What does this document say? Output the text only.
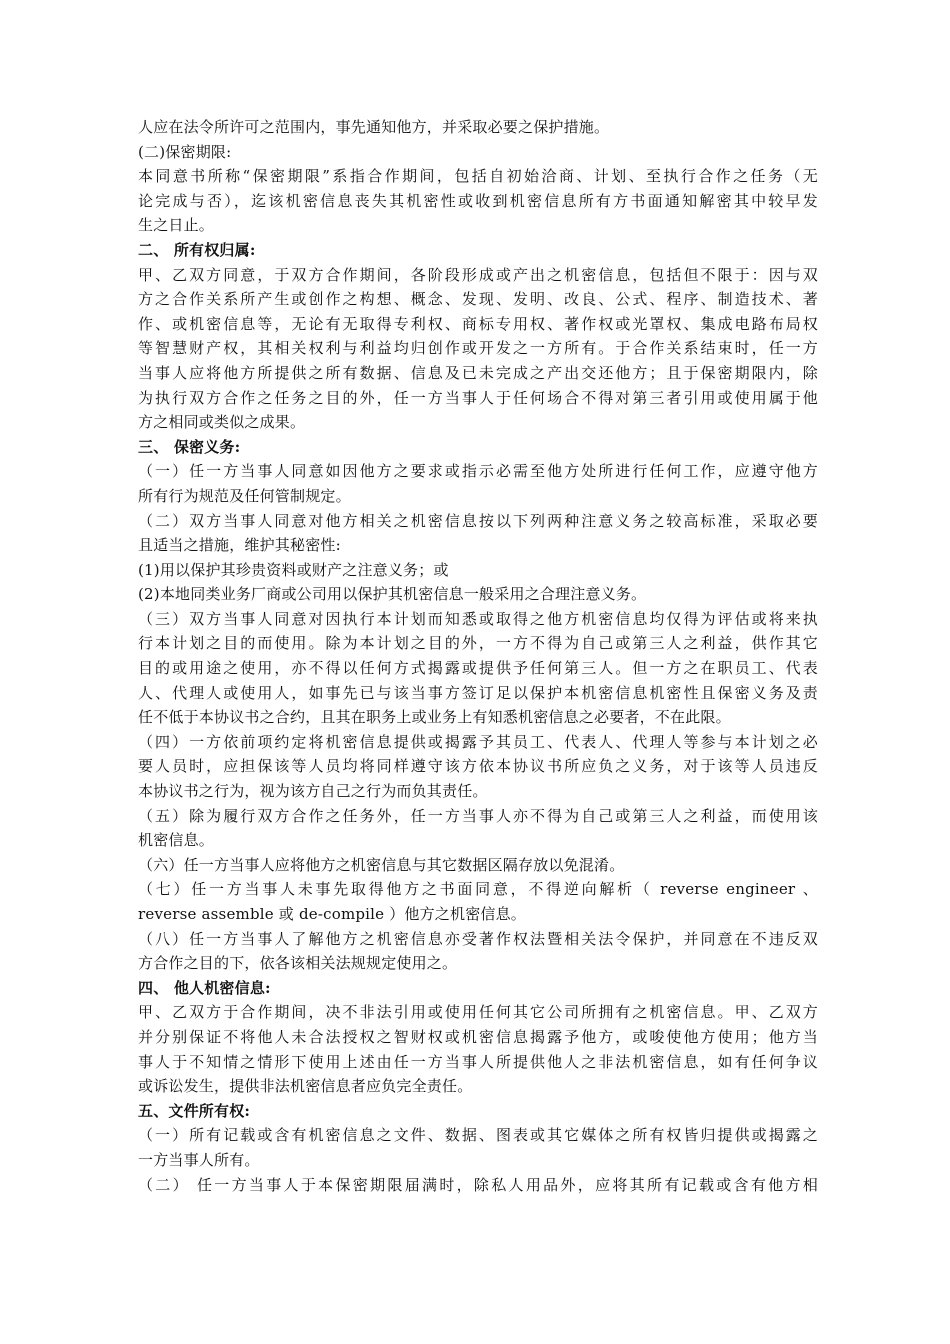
人应在法令所许可之范围内，事先通知他方，并采取必要之保护措施。
(二)保密期限:
本同意书所称“保密期限”系指合作期间，包括自初始洽商、计划、至执行合作之任务（无
论完成与否），迄该机密信息丧失其机密性或收到机密信息所有方书面通知解密其中较早发
生之日止。
二、 所有权归属:
甲、乙双方同意，于双方合作期间，各阶段形成或产出之机密信息，包括但不限于：因与双
方之合作关系所产生或创作之构想、概念、发现、发明、改良、公式、程序、制造技术、著
作、或机密信息等，无论有无取得专利权、商标专用权、著作权或光罩权、集成电路布局权
等智慧财产权，其相关权利与利益均归创作或开发之一方所有。于合作关系结束时，任一方
当事人应将他方所提供之所有数据、信息及已未完成之产出交还他方；且于保密期限内，除
为执行双方合作之任务之目的外，任一方当事人于任何场合不得对第三者引用或使用属于他
方之相同或类似之成果。
三、 保密义务:
（一）任一方当事人同意如因他方之要求或指示必需至他方处所进行任何工作，应遵守他方
所有行为规范及任何管制规定。
（二）双方当事人同意对他方相关之机密信息按以下列两种注意义务之较高标准，采取必要
且适当之措施，维护其秘密性:
(1)用以保护其珍贵资料或财产之注意义务；或
(2)本地同类业务厂商或公司用以保护其机密信息一般采用之合理注意义务。
（三）双方当事人同意对因执行本计划而知悉或取得之他方机密信息均仅得为评估或将来执
行本计划之目的而使用。除为本计划之目的外，一方不得为自己或第三人之利益，供作其它
目的或用途之使用，亦不得以任何方式揭露或提供予任何第三人。但一方之在职员工、代表
人、代理人或使用人，如事先已与该当事方签订足以保护本机密信息机密性且保密义务及责
任不低于本协议书之合约，且其在职务上或业务上有知悉机密信息之必要者，不在此限。
（四）一方依前项约定将机密信息提供或揭露予其员工、代表人、代理人等参与本计划之必
要人员时，应担保该等人员均将同样遵守该方依本协议书所应负之义务，对于该等人员违反
本协议书之行为，视为该方自己之行为而负其责任。
（五）除为履行双方合作之任务外，任一方当事人亦不得为自己或第三人之利益，而使用该
机密信息。
（六）任一方当事人应将他方之机密信息与其它数据区隔存放以免混淆。
（七）任一方当事人未事先取得他方之书面同意，不得逆向解析（ reverse engineer 、
reverse assemble 或 de-compile ）他方之机密信息。
（八）任一方当事人了解他方之机密信息亦受著作权法暨相关法令保护，并同意在不违反双
方合作之目的下，依各该相关法规规定使用之。
四、 他人机密信息:
甲、乙双方于合作期间，决不非法引用或使用任何其它公司所拥有之机密信息。甲、乙双方
并分别保证不将他人未合法授权之智财权或机密信息揭露予他方，或唆使他方使用；他方当
事人于不知情之情形下使用上述由任一方当事人所提供他人之非法机密信息，如有任何争议
或诉讼发生，提供非法机密信息者应负完全责任。
五、文件所有权:
（一）所有记载或含有机密信息之文件、数据、图表或其它媒体之所有权皆归提供或揭露之
一方当事人所有。
（二） 任一方当事人于本保密期限届满时，除私人用品外，应将其所有记载或含有他方相
